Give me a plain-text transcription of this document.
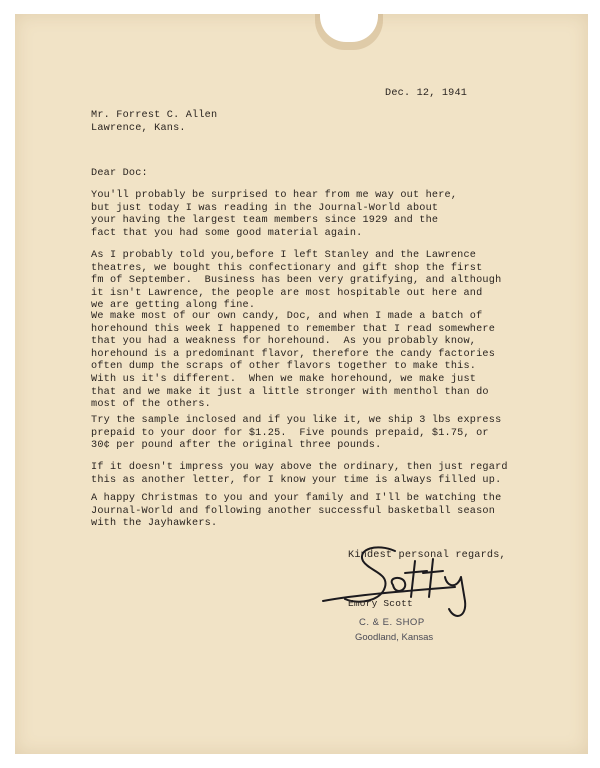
Dec. 12, 1941

Mr. Forrest C. Allen
Lawrence, Kans.

Dear Doc:

You'll probably be surprised to hear from me way out here,
but just today I was reading in the Journal-World about
your having the largest team members since 1929 and the
fact that you had some good material again.

As I probably told you,before I left Stanley and the Lawrence
theatres, we bought this confectionary and gift shop the first
fm of September.  Business has been very gratifying, and although
it isn't Lawrence, the people are most hospitable out here and
we are getting along fine.

We make most of our own candy, Doc, and when I made a batch of
horehound this week I happened to remember that I read somewhere
that you had a weakness for horehound.  As you probably know,
horehound is a predominant flavor, therefore the candy factories
often dump the scraps of other flavors together to make this.
With us it's different.  When we make horehound, we make just
that and we make it just a little stronger with menthol than do
most of the others.

Try the sample inclosed and if you like it, we ship 3 lbs express
prepaid to your door for $1.25.  Five pounds prepaid, $1.75, or
30¢ per pound after the original three pounds.

If it doesn't impress you way above the ordinary, then just regard
this as another letter, for I know your time is always filled up.

A happy Christmas to you and your family and I'll be watching the
Journal-World and following another successful basketball season
with the Jayhawkers.

Kindest personal regards,

Emory Scott

C. & E. SHOP
Goodland, Kansas
